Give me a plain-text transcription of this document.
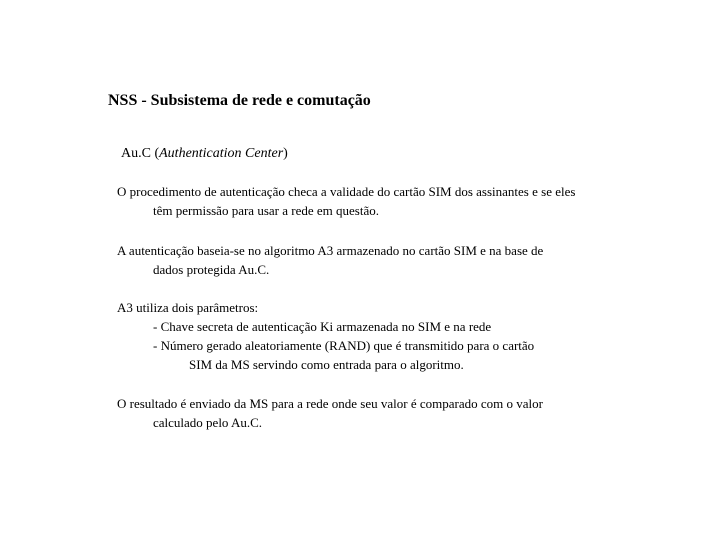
NSS - Subsistema de rede e comutação
Au.C (Authentication Center)
O procedimento de autenticação checa a validade do cartão SIM dos assinantes e se eles
têm permissão para usar a rede em questão.
A autenticação baseia-se no algoritmo A3 armazenado no cartão SIM e na base de
dados protegida Au.C.
A3 utiliza dois parâmetros:
- Chave secreta de autenticação Ki armazenada no SIM e na rede
- Número gerado aleatoriamente (RAND) que é transmitido para o cartão
SIM da MS servindo como entrada para o algoritmo.
O resultado é enviado da MS para a rede onde seu valor é comparado com o valor
calculado pelo Au.C.
